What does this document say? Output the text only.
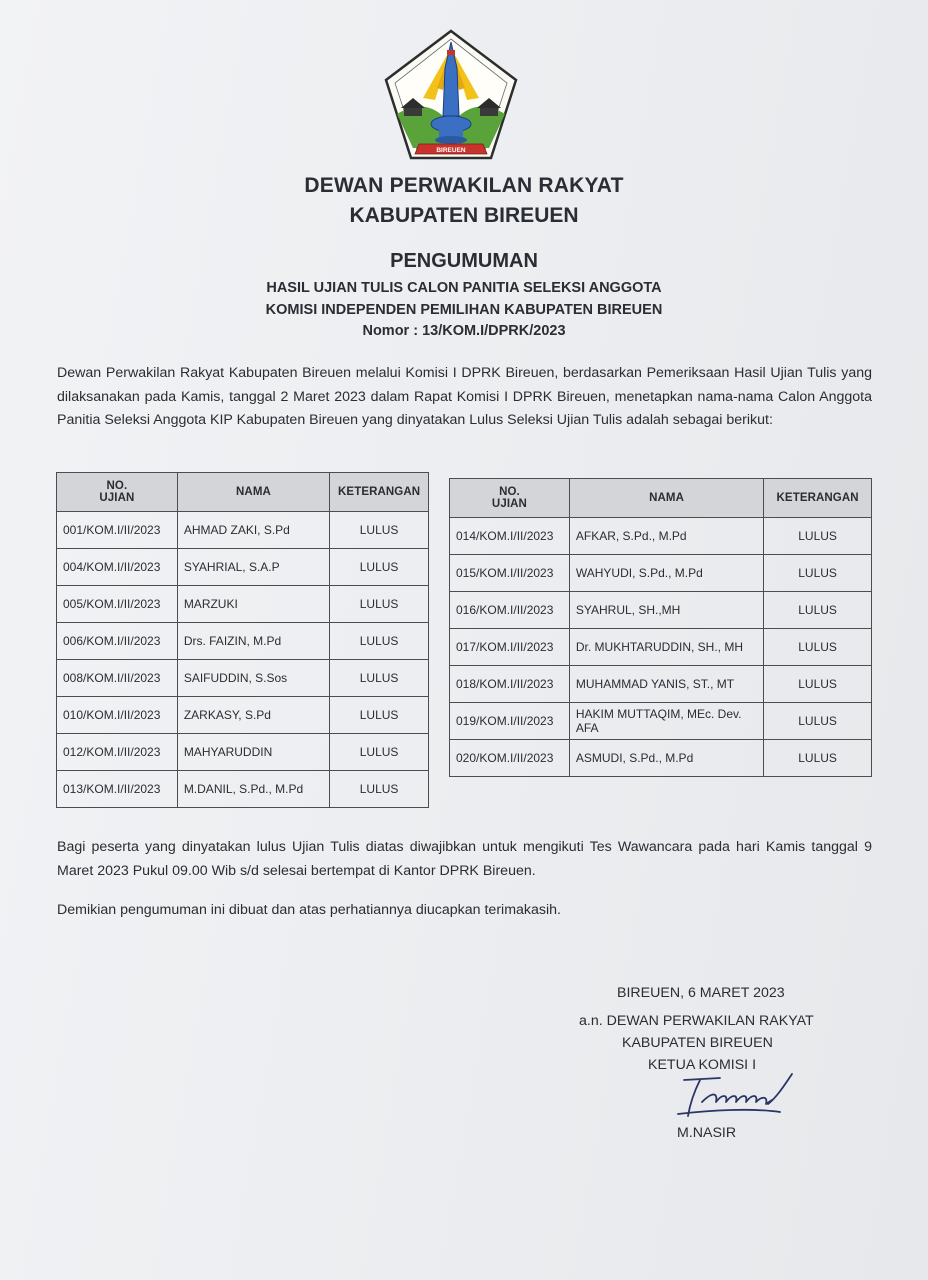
BIREUEN
DEWAN PERWAKILAN RAKYAT
KABUPATEN BIREUEN
PENGUMUMAN
HASIL UJIAN TULIS CALON PANITIA SELEKSI ANGGOTA
KOMISI INDEPENDEN PEMILIHAN KABUPATEN BIREUEN
Nomor : 13/KOM.I/DPRK/2023
Dewan Perwakilan Rakyat Kabupaten Bireuen melalui Komisi I DPRK Bireuen, berdasarkan Pemeriksaan Hasil Ujian Tulis yang dilaksanakan pada Kamis, tanggal 2 Maret 2023 dalam Rapat Komisi I DPRK Bireuen, menetapkan nama-nama Calon Anggota Panitia Seleksi Anggota KIP Kabupaten Bireuen yang dinyatakan Lulus Seleksi Ujian Tulis adalah sebagai berikut:
NO.
UJIAN	NAMA	KETERANGAN
001/KOM.I/II/2023	AHMAD ZAKI, S.Pd	LULUS
004/KOM.I/II/2023	SYAHRIAL, S.A.P	LULUS
005/KOM.I/II/2023	MARZUKI	LULUS
006/KOM.I/II/2023	Drs. FAIZIN, M.Pd	LULUS
008/KOM.I/II/2023	SAIFUDDIN, S.Sos	LULUS
010/KOM.I/II/2023	ZARKASY, S.Pd	LULUS
012/KOM.I/II/2023	MAHYARUDDIN	LULUS
013/KOM.I/II/2023	M.DANIL, S.Pd., M.Pd	LULUS
NO.
UJIAN	NAMA	KETERANGAN
014/KOM.I/II/2023	AFKAR, S.Pd., M.Pd	LULUS
015/KOM.I/II/2023	WAHYUDI, S.Pd., M.Pd	LULUS
016/KOM.I/II/2023	SYAHRUL, SH.,MH	LULUS
017/KOM.I/II/2023	Dr. MUKHTARUDDIN, SH., MH	LULUS
018/KOM.I/II/2023	MUHAMMAD YANIS, ST., MT	LULUS
019/KOM.I/II/2023	HAKIM MUTTAQIM, MEc. Dev. AFA	LULUS
020/KOM.I/II/2023	ASMUDI, S.Pd., M.Pd	LULUS
Bagi peserta yang dinyatakan lulus Ujian Tulis diatas diwajibkan untuk mengikuti Tes Wawancara pada hari Kamis tanggal 9 Maret 2023 Pukul 09.00 Wib s/d selesai bertempat di Kantor DPRK Bireuen.
Demikian pengumuman ini dibuat dan atas perhatiannya diucapkan terimakasih.
BIREUEN, 6 MARET 2023
a.n. DEWAN PERWAKILAN RAKYAT
KABUPATEN BIREUEN
KETUA KOMISI I
M.NASIR
